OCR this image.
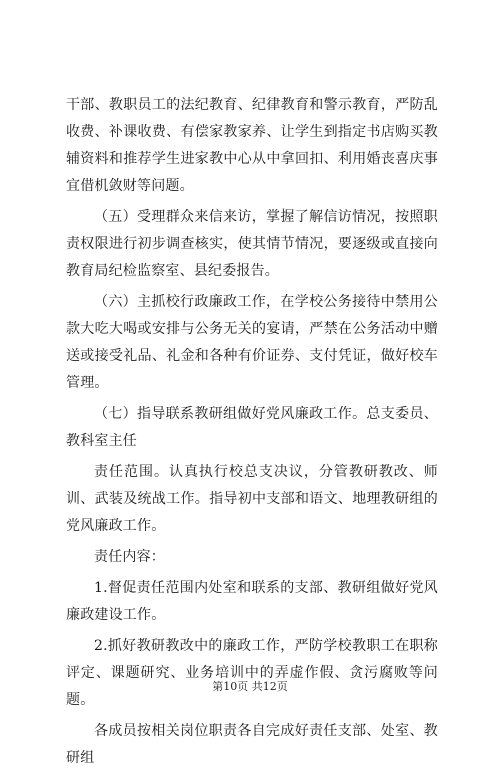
干部、教职员工的法纪教育、纪律教育和警示教育，严防乱收费、补课收费、有偿家教家养、让学生到指定书店购买教辅资料和推荐学生进家教中心从中拿回扣、利用婚丧喜庆事宜借机敛财等问题。

（五）受理群众来信来访，掌握了解信访情况，按照职责权限进行初步调查核实，使其情节情况，要逐级或直接向教育局纪检监察室、县纪委报告。

（六）主抓校行政廉政工作，在学校公务接待中禁用公款大吃大喝或安排与公务无关的宴请，严禁在公务活动中赠送或接受礼品、礼金和各种有价证券、支付凭证，做好校车管理。

（七）指导联系教研组做好党风廉政工作。总支委员、教科室主任

责任范围。认真执行校总支决议，分管教研教改、师训、武装及统战工作。指导初中支部和语文、地理教研组的党风廉政工作。

责任内容：

1.督促责任范围内处室和联系的支部、教研组做好党风廉政建设工作。

2.抓好教研教改中的廉政工作，严防学校教职工在职称评定、课题研究、业务培训中的弄虚作假、贪污腐败等问题。

各成员按相关岗位职责各自完成好责任支部、处室、教研组

第10页 共12页
